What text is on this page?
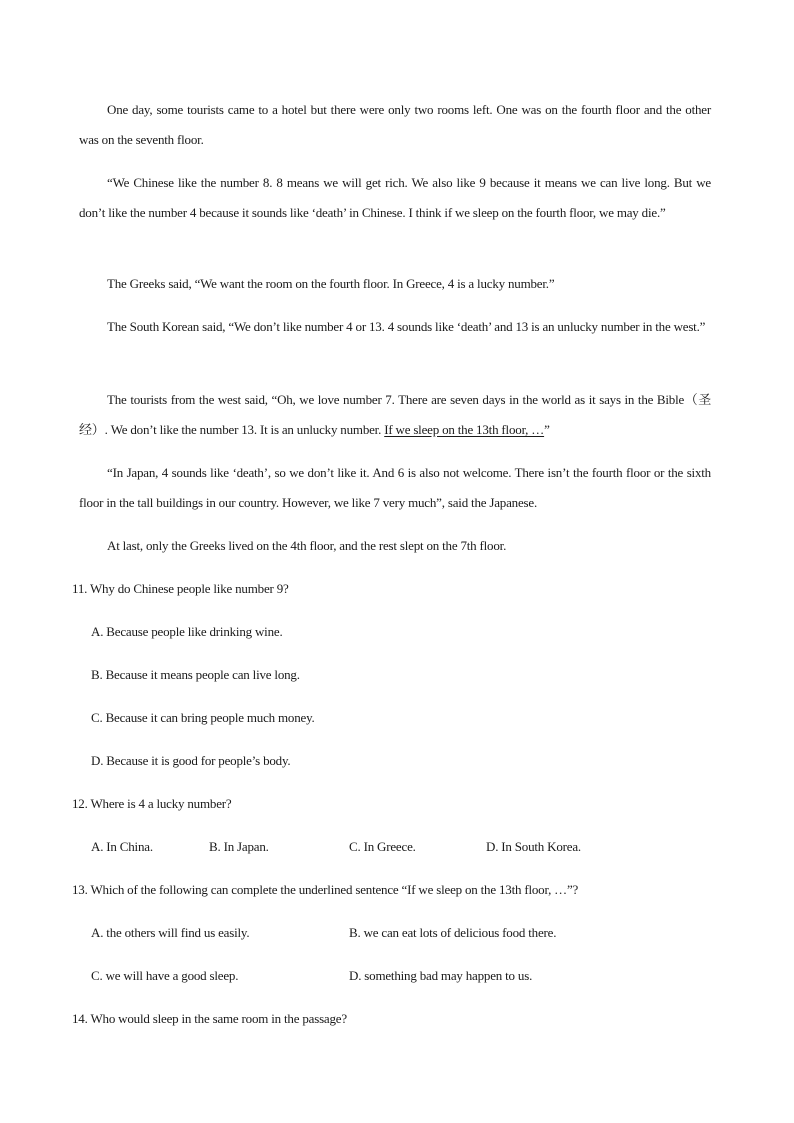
One day, some tourists came to a hotel but there were only two rooms left. One was on the fourth floor and the other was on the seventh floor.

“We Chinese like the number 8. 8 means we will get rich. We also like 9 because it means we can live long. But we don’t like the number 4 because it sounds like ‘death’ in Chinese. I think if we sleep on the fourth floor, we may die.”

The Greeks said, “We want the room on the fourth floor. In Greece, 4 is a lucky number.”

The South Korean said, “We don’t like number 4 or 13. 4 sounds like ‘death’ and 13 is an unlucky number in the west.”

The tourists from the west said, “Oh, we love number 7. There are seven days in the world as it says in the Bible（圣经）. We don’t like the number 13. It is an unlucky number. If we sleep on the 13th floor, …”

“In Japan, 4 sounds like ‘death’, so we don’t like it. And 6 is also not welcome. There isn’t the fourth floor or the sixth floor in the tall buildings in our country. However, we like 7 very much”, said the Japanese.

At last, only the Greeks lived on the 4th floor, and the rest slept on the 7th floor.

11. Why do Chinese people like number 9?

A. Because people like drinking wine.

B. Because it means people can live long.

C. Because it can bring people much money.

D. Because it is good for people’s body.

12. Where is 4 a lucky number?

A. In China.	B. In Japan.	C. In Greece.	D. In South Korea.

13. Which of the following can complete the underlined sentence “If we sleep on the 13th floor, …”?

A. the others will find us easily.	B. we can eat lots of delicious food there.

C. we will have a good sleep.	D. something bad may happen to us.

14. Who would sleep in the same room in the passage?
